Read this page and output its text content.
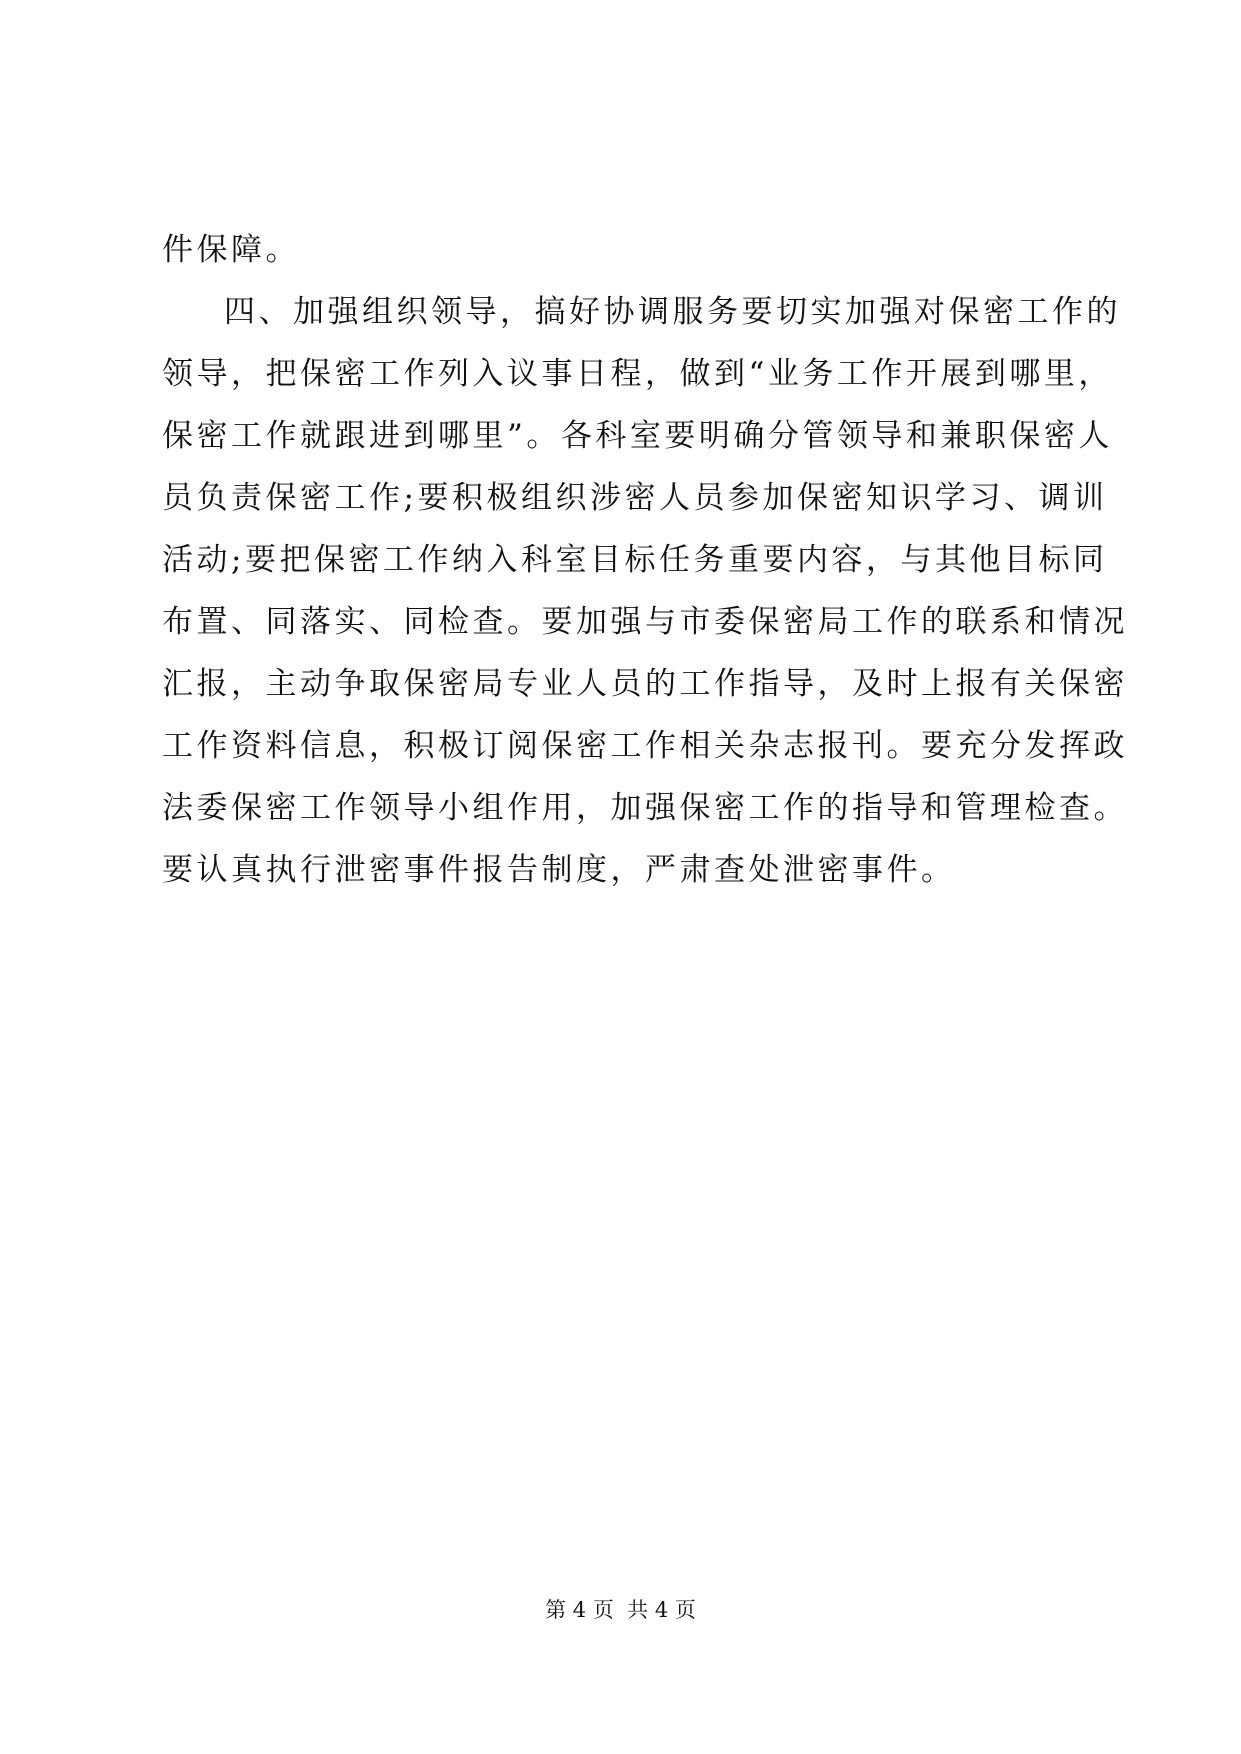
件保障。
四、加强组织领导，搞好协调服务要切实加强对保密工作的
领导，把保密工作列入议事日程，做到“业务工作开展到哪里，
保密工作就跟进到哪里”。各科室要明确分管领导和兼职保密人
员负责保密工作;要积极组织涉密人员参加保密知识学习、调训
活动;要把保密工作纳入科室目标任务重要内容，与其他目标同
布置、同落实、同检查。要加强与市委保密局工作的联系和情况
汇报，主动争取保密局专业人员的工作指导，及时上报有关保密
工作资料信息，积极订阅保密工作相关杂志报刊。要充分发挥政
法委保密工作领导小组作用，加强保密工作的指导和管理检查。
要认真执行泄密事件报告制度，严肃查处泄密事件。
第 4 页  共 4 页
